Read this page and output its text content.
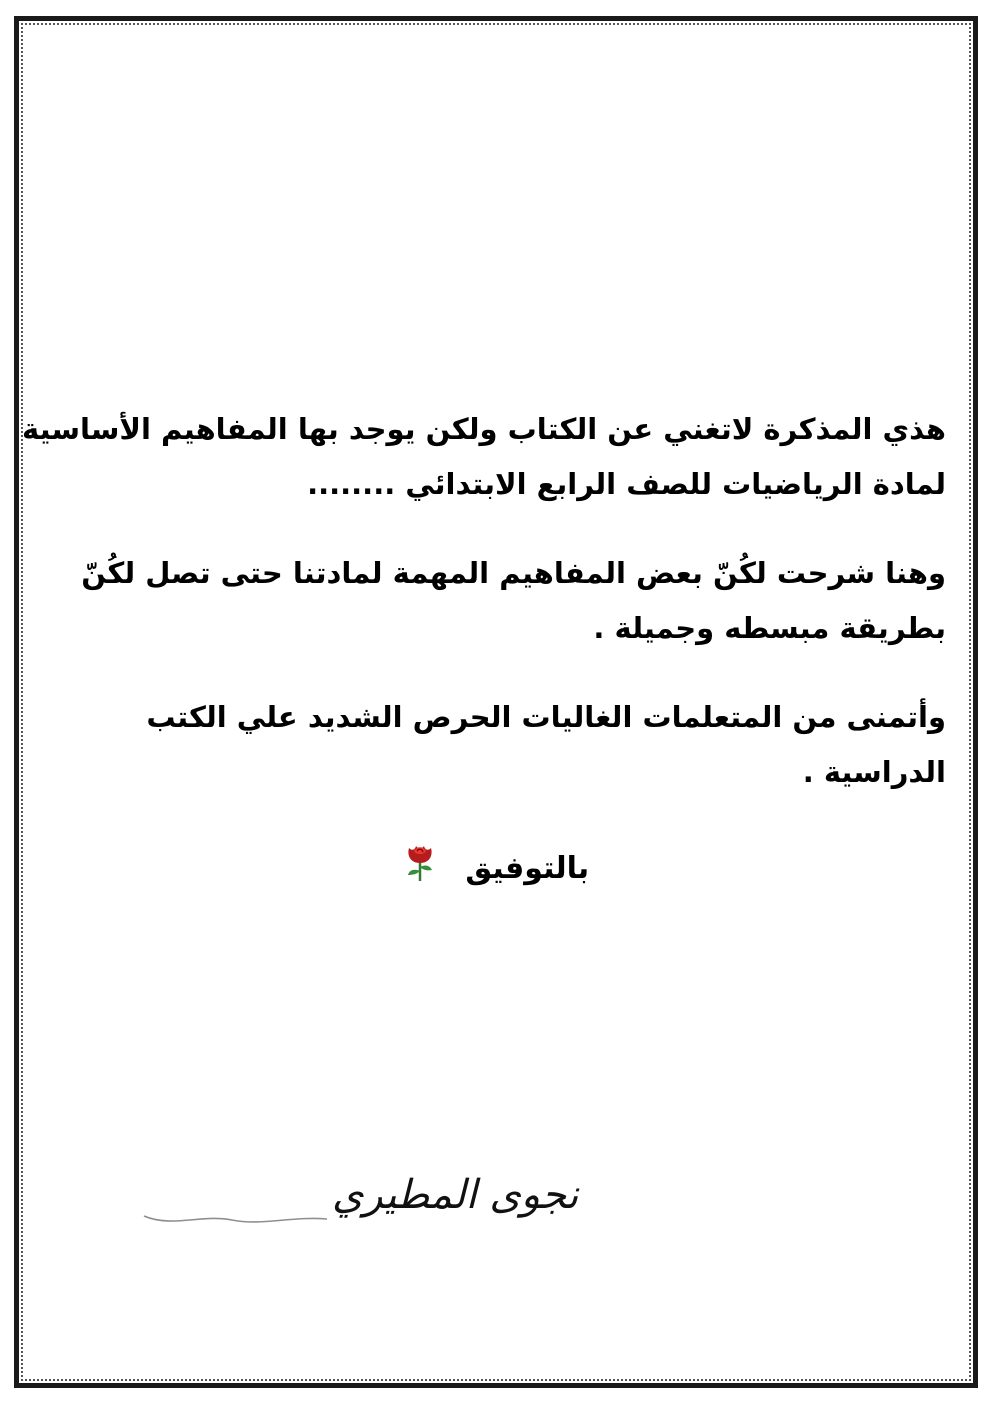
هذي المذكرة لاتغني عن الكتاب ولكن يوجد بها المفاهيم الأساسية
لمادة الرياضيات للصف الرابع الابتدائي ........

وهنا شرحت لكُنّ بعض المفاهيم المهمة لمادتنا حتى تصل لكُنّ
بطريقة مبسطه وجميلة .

وأتمنى من المتعلمات الغاليات الحرص الشديد علي الكتب
الدراسية .

بالتوفيق
نجوى المطيري
